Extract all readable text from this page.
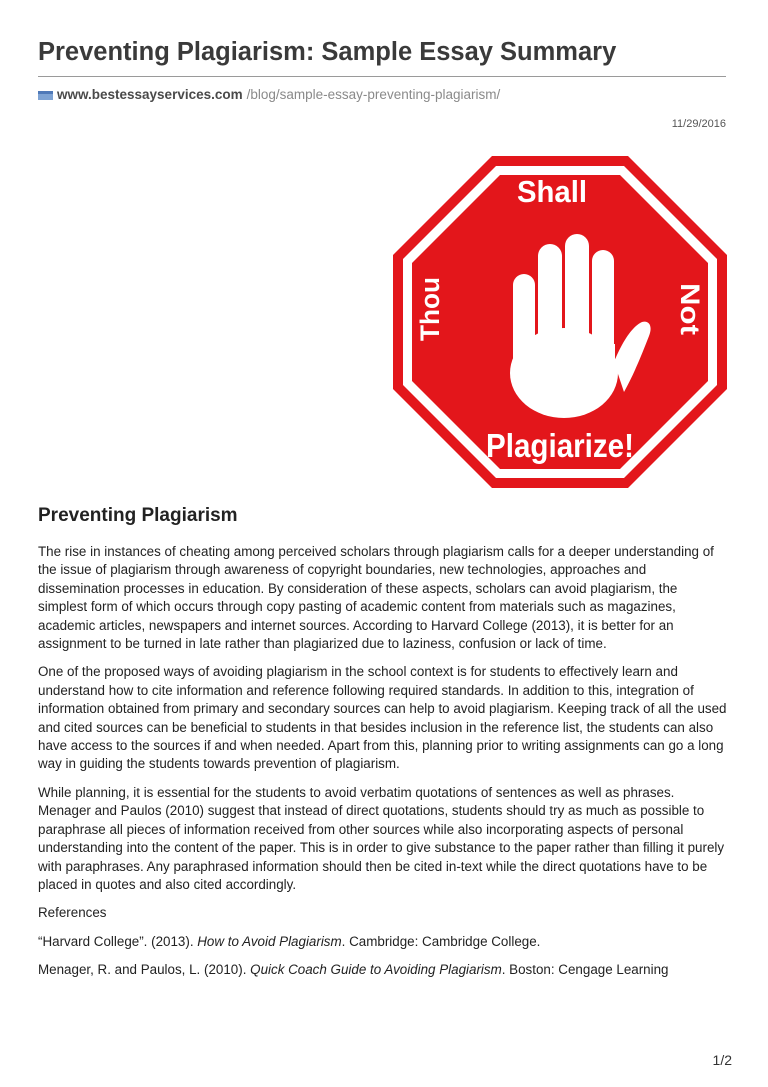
Preventing Plagiarism: Sample Essay Summary
www.bestessayservices.com /blog/sample-essay-preventing-plagiarism/
11/29/2016
Shall
Thou	Not
Plagiarize!
Preventing Plagiarism

The rise in instances of cheating among perceived scholars through plagiarism calls for a deeper understanding of the issue of plagiarism through awareness of copyright boundaries, new technologies, approaches and dissemination processes in education. By consideration of these aspects, scholars can avoid plagiarism, the simplest form of which occurs through copy pasting of academic content from materials such as magazines, academic articles, newspapers and internet sources. According to Harvard College (2013), it is better for an assignment to be turned in late rather than plagiarized due to laziness, confusion or lack of time.

One of the proposed ways of avoiding plagiarism in the school context is for students to effectively learn and understand how to cite information and reference following required standards. In addition to this, integration of information obtained from primary and secondary sources can help to avoid plagiarism. Keeping track of all the used and cited sources can be beneficial to students in that besides inclusion in the reference list, the students can also have access to the sources if and when needed. Apart from this, planning prior to writing assignments can go a long way in guiding the students towards prevention of plagiarism.

While planning, it is essential for the students to avoid verbatim quotations of sentences as well as phrases. Menager and Paulos (2010) suggest that instead of direct quotations, students should try as much as possible to paraphrase all pieces of information received from other sources while also incorporating aspects of personal understanding into the content of the paper. This is in order to give substance to the paper rather than filling it purely with paraphrases. Any paraphrased information should then be cited in-text while the direct quotations have to be placed in quotes and also cited accordingly.

References

“Harvard College”. (2013). How to Avoid Plagiarism. Cambridge: Cambridge College.

Menager, R. and Paulos, L. (2010). Quick Coach Guide to Avoiding Plagiarism. Boston: Cengage Learning

1/2
